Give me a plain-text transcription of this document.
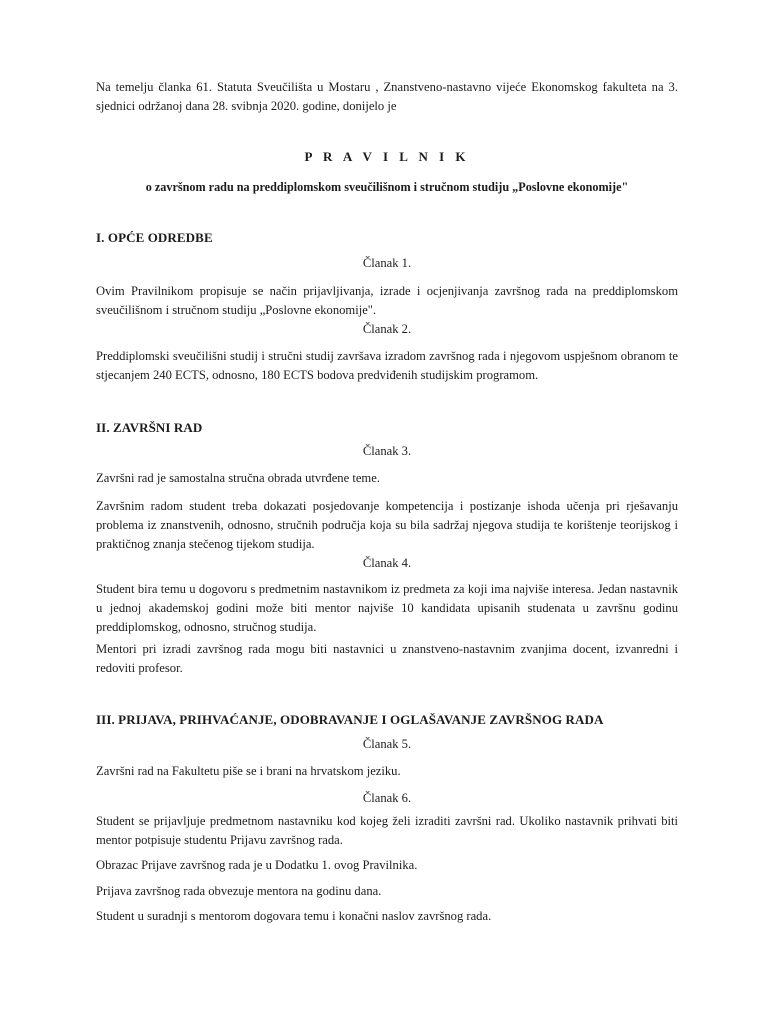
Na temelju članka 61. Statuta Sveučilišta u Mostaru , Znanstveno-nastavno vijeće Ekonomskog fakulteta na 3. sjednici održanoj dana 28. svibnja 2020. godine, donijelo je

P R A V I L N I K

o završnom radu na preddiplomskom sveučilišnom i stručnom studiju „Poslovne ekonomije"

I. OPĆE ODREDBE

Članak 1.

Ovim Pravilnikom propisuje se način prijavljivanja, izrade i ocjenjivanja završnog rada na preddiplomskom sveučilišnom i stručnom studiju „Poslovne ekonomije".

Članak 2.

Preddiplomski sveučilišni studij i stručni studij završava izradom završnog rada i njegovom uspješnom obranom te stjecanjem 240 ECTS, odnosno, 180 ECTS bodova predviđenih studijskim programom.

II. ZAVRŠNI RAD

Članak 3.

Završni rad je samostalna stručna obrada utvrđene teme.

Završnim radom student treba dokazati posjedovanje kompetencija i postizanje ishoda učenja pri rješavanju problema iz znanstvenih, odnosno, stručnih područja koja su bila sadržaj njegova studija te korištenje teorijskog i praktičnog znanja stečenog tijekom studija.

Članak 4.

Student bira temu u dogovoru s predmetnim nastavnikom iz predmeta za koji ima najviše interesa. Jedan nastavnik u jednoj akademskoj godini može biti mentor najviše 10 kandidata upisanih studenata u završnu godinu preddiplomskog, odnosno, stručnog studija.

Mentori pri izradi završnog rada mogu biti nastavnici u znanstveno-nastavnim zvanjima docent, izvanredni i redoviti profesor.

III. PRIJAVA, PRIHVAĆANJE, ODOBRAVANJE I OGLAŠAVANJE ZAVRŠNOG RADA

Članak 5.

Završni rad na Fakultetu piše se i brani na hrvatskom jeziku.

Članak 6.

Student se prijavljuje predmetnom nastavniku kod kojeg želi izraditi završni rad. Ukoliko nastavnik prihvati biti mentor potpisuje studentu Prijavu završnog rada.

Obrazac Prijave završnog rada je u Dodatku 1. ovog Pravilnika.

Prijava završnog rada obvezuje mentora na godinu dana.

Student u suradnji s mentorom dogovara temu i konačni naslov završnog rada.
